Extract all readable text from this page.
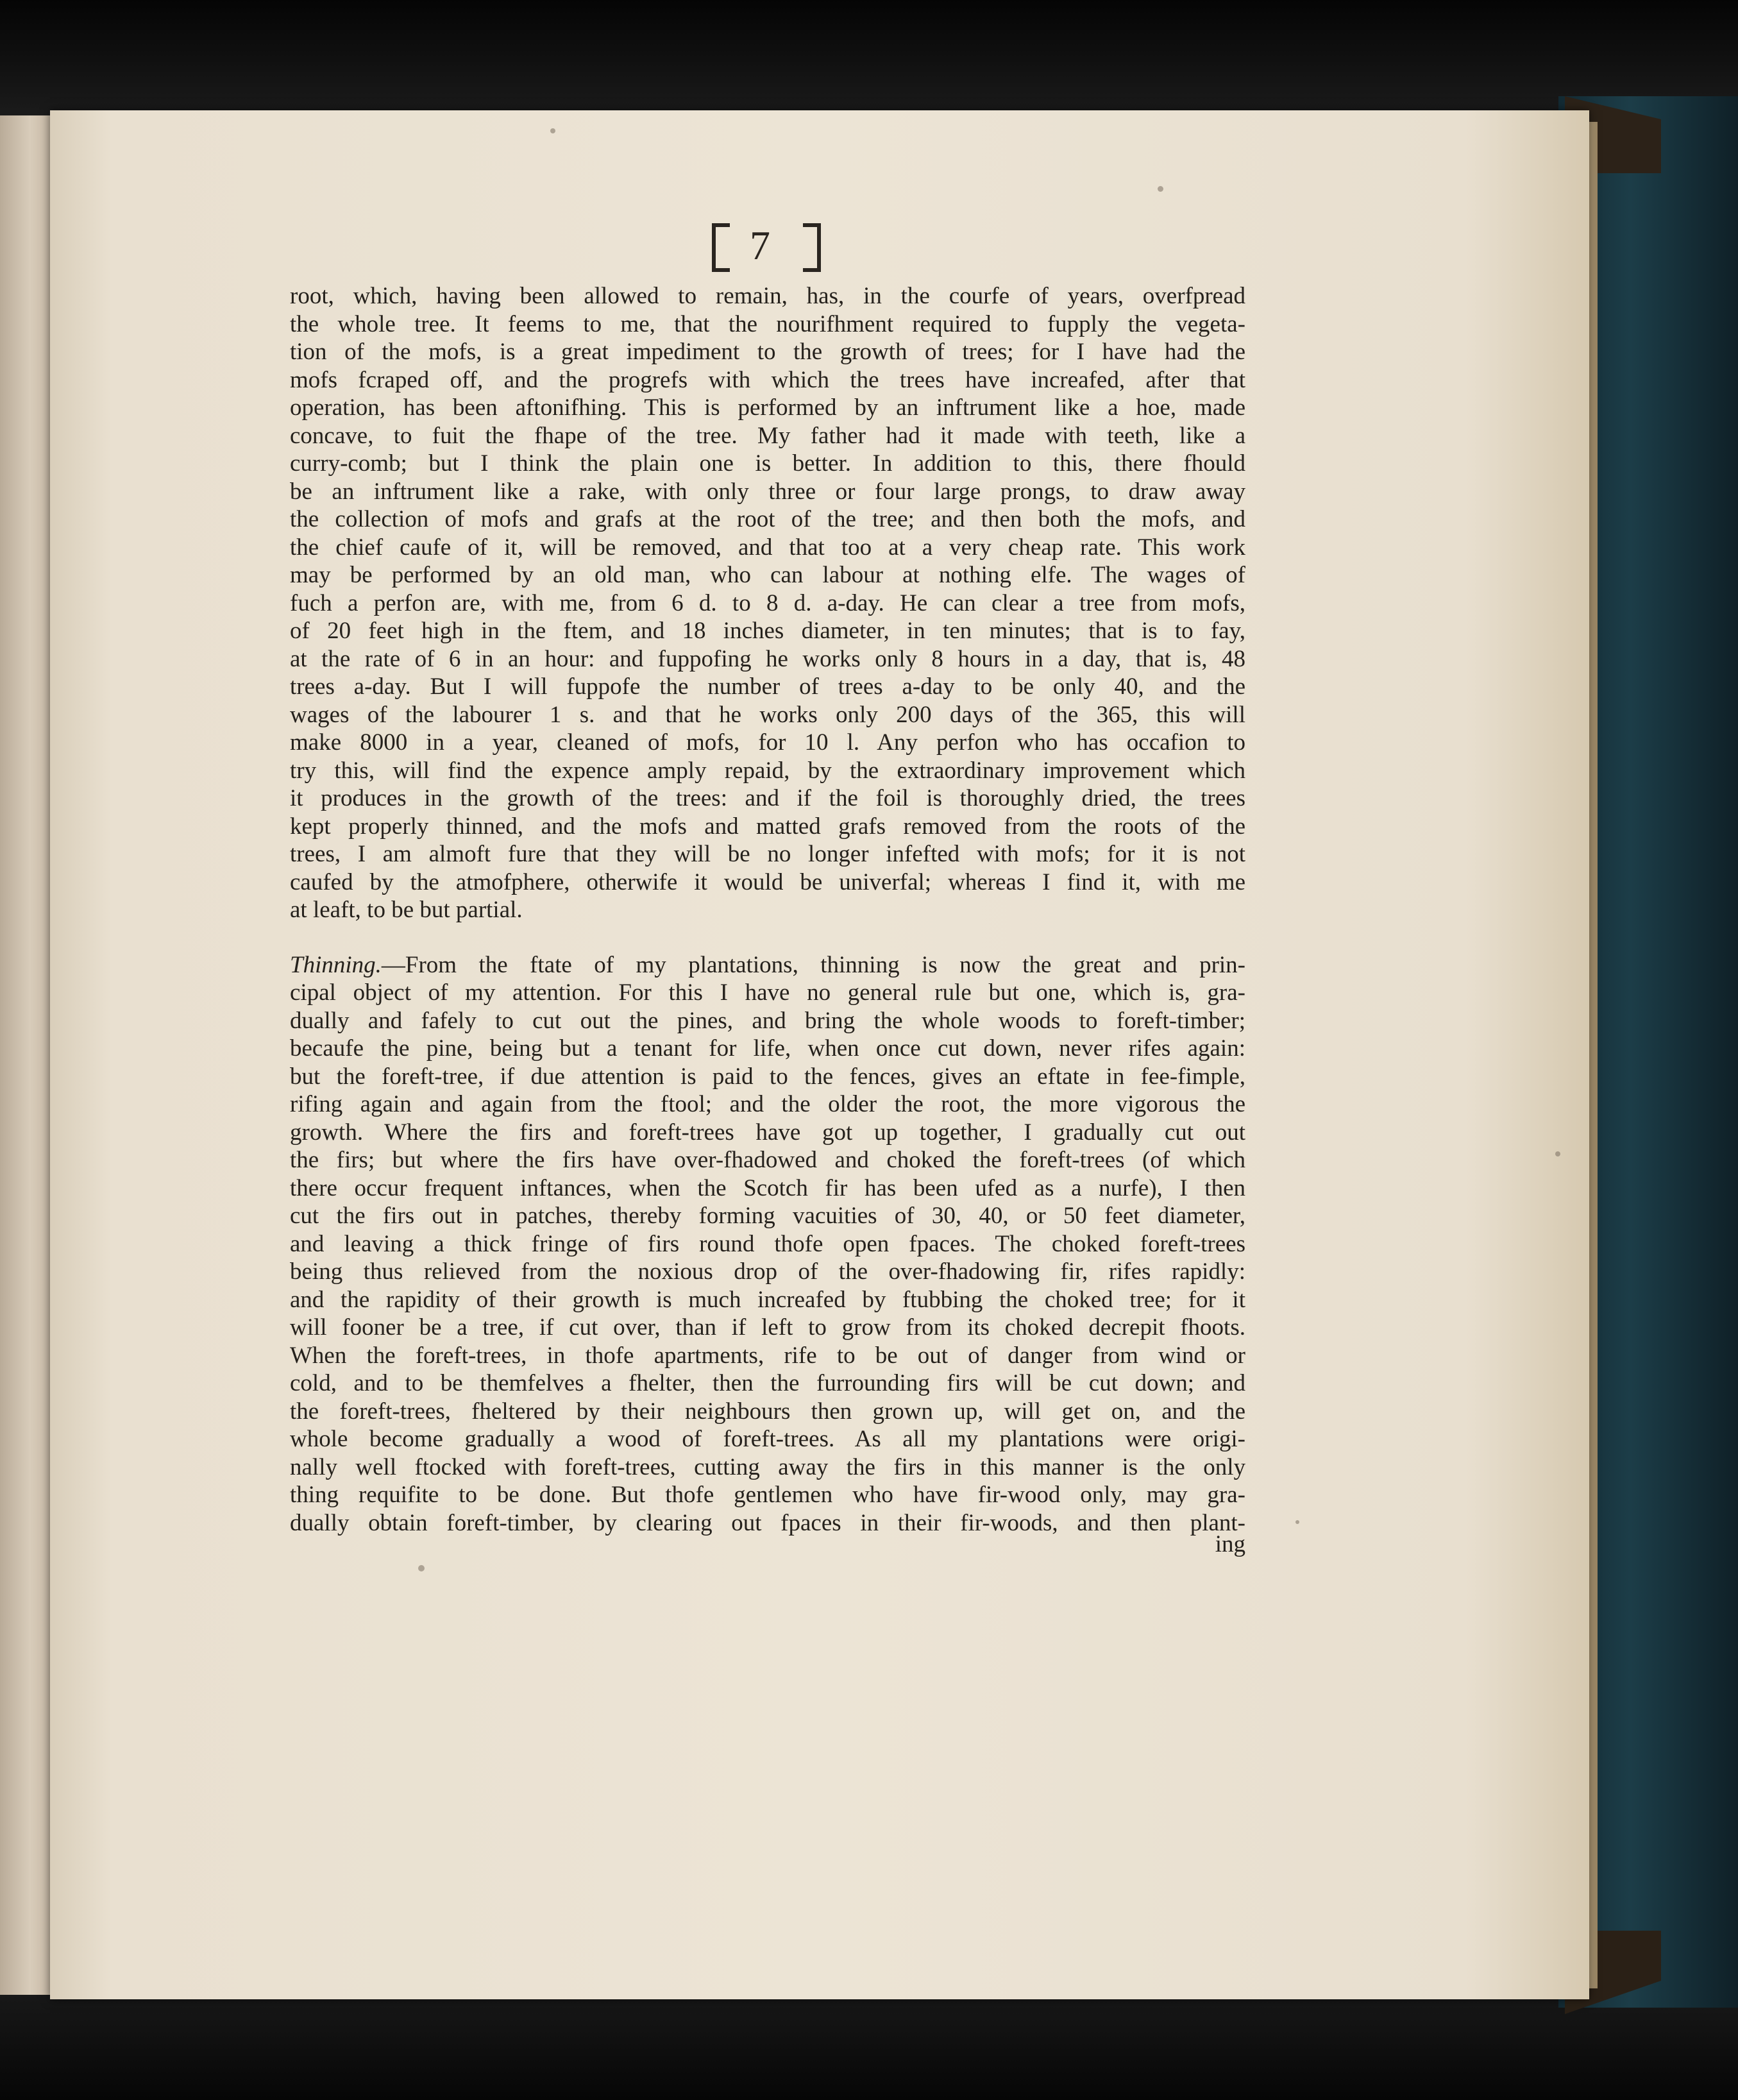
7
root, which, having been allowed to remain, has, in the courfe of years, overfpread
the whole tree. It feems to me, that the nourifhment required to fupply the vegeta-
tion of the mofs, is a great impediment to the growth of trees; for I have had the
mofs fcraped off, and the progrefs with which the trees have increafed, after that
operation, has been aftonifhing. This is performed by an inftrument like a hoe, made
concave, to fuit the fhape of the tree. My father had it made with teeth, like a
curry-comb; but I think the plain one is better. In addition to this, there fhould
be an inftrument like a rake, with only three or four large prongs, to draw away
the collection of mofs and grafs at the root of the tree; and then both the mofs, and
the chief caufe of it, will be removed, and that too at a very cheap rate. This work
may be performed by an old man, who can labour at nothing elfe. The wages of
fuch a perfon are, with me, from 6 d. to 8 d. a-day. He can clear a tree from mofs,
of 20 feet high in the ftem, and 18 inches diameter, in ten minutes; that is to fay,
at the rate of 6 in an hour: and fuppofing he works only 8 hours in a day, that is, 48
trees a-day. But I will fuppofe the number of trees a-day to be only 40, and the
wages of the labourer 1 s. and that he works only 200 days of the 365, this will
make 8000 in a year, cleaned of mofs, for 10 l. Any perfon who has occafion to
try this, will find the expence amply repaid, by the extraordinary improvement which
it produces in the growth of the trees: and if the foil is thoroughly dried, the trees
kept properly thinned, and the mofs and matted grafs removed from the roots of the
trees, I am almoft fure that they will be no longer infefted with mofs; for it is not
caufed by the atmofphere, otherwife it would be univerfal; whereas I find it, with me
at leaft, to be but partial.
Thinning.—From the ftate of my plantations, thinning is now the great and prin-
cipal object of my attention. For this I have no general rule but one, which is, gra-
dually and fafely to cut out the pines, and bring the whole woods to foreft-timber;
becaufe the pine, being but a tenant for life, when once cut down, never rifes again:
but the foreft-tree, if due attention is paid to the fences, gives an eftate in fee-fimple,
rifing again and again from the ftool; and the older the root, the more vigorous the
growth. Where the firs and foreft-trees have got up together, I gradually cut out
the firs; but where the firs have over-fhadowed and choked the foreft-trees (of which
there occur frequent inftances, when the Scotch fir has been ufed as a nurfe), I then
cut the firs out in patches, thereby forming vacuities of 30, 40, or 50 feet diameter,
and leaving a thick fringe of firs round thofe open fpaces. The choked foreft-trees
being thus relieved from the noxious drop of the over-fhadowing fir, rifes rapidly:
and the rapidity of their growth is much increafed by ftubbing the choked tree; for it
will fooner be a tree, if cut over, than if left to grow from its choked decrepit fhoots.
When the foreft-trees, in thofe apartments, rife to be out of danger from wind or
cold, and to be themfelves a fhelter, then the furrounding firs will be cut down; and
the foreft-trees, fheltered by their neighbours then grown up, will get on, and the
whole become gradually a wood of foreft-trees. As all my plantations were origi-
nally well ftocked with foreft-trees, cutting away the firs in this manner is the only
thing requifite to be done. But thofe gentlemen who have fir-wood only, may gra-
dually obtain foreft-timber, by clearing out fpaces in their fir-woods, and then plant-
ing
